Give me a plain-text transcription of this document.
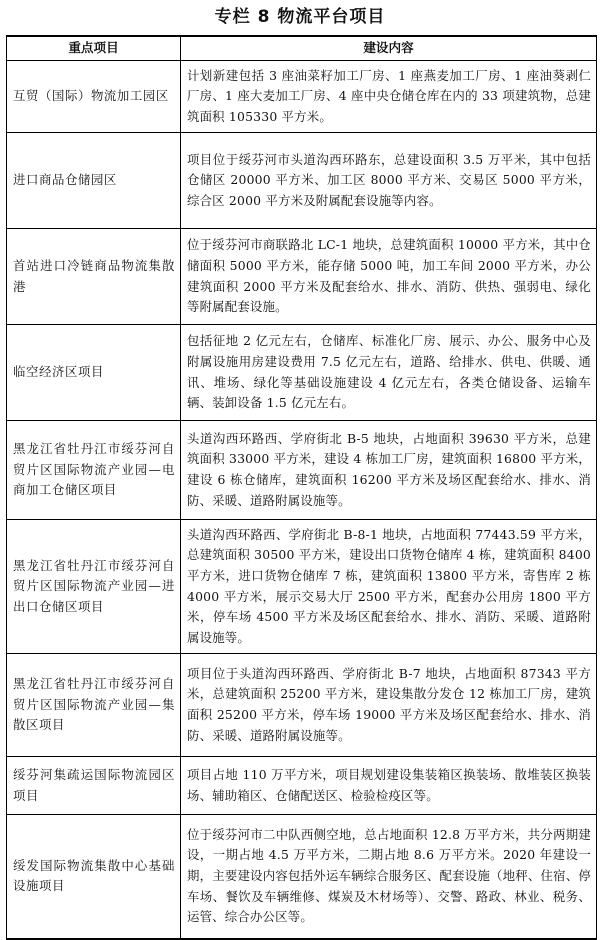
专栏 8 物流平台项目
重点项目	建设内容
互贸（国际）物流加工园区	计划新建包括 3 座油菜籽加工厂房、1 座燕麦加工厂房、1 座油葵剥仁厂房、1 座大麦加工厂房、4 座中央仓储仓库在内的 33 项建筑物，总建筑面积 105330 平方米。
进口商品仓储园区	项目位于绥芬河市头道沟西环路东，总建设面积 3.5 万平米，其中包括仓储区 20000 平方米、加工区 8000 平方米、交易区 5000 平方米，综合区 2000 平方米及附属配套设施等内容。
首站进口冷链商品物流集散港	位于绥芬河市商联路北 LC-1 地块，总建筑面积 10000 平方米，其中仓储面积 5000 平方米，能存储 5000 吨，加工车间 2000 平方米，办公建筑面积 2000 平方米及配套给水、排水、消防、供热、强弱电、绿化等附属配套设施。
临空经济区项目	包括征地 2 亿元左右，仓储库、标准化厂房、展示、办公、服务中心及附属设施用房建设费用 7.5 亿元左右，道路、给排水、供电、供暖、通讯、堆场、绿化等基础设施建设 4 亿元左右，各类仓储设备、运输车辆、装卸设备 1.5 亿元左右。
黑龙江省牡丹江市绥芬河自贸片区国际物流产业园—电商加工仓储区项目	头道沟西环路西、学府街北 B-5 地块，占地面积 39630 平方米，总建筑面积 33000 平方米，建设 4 栋加工厂房，建筑面积 16800 平方米，建设 6 栋仓储库，建筑面积 16200 平方米及场区配套给水、排水、消防、采暖、道路附属设施等。
黑龙江省牡丹江市绥芬河自贸片区国际物流产业园—进出口仓储区项目	头道沟西环路西、学府街北 B-8-1 地块，占地面积 77443.59 平方米，总建筑面积 30500 平方米，建设出口货物仓储库 4 栋，建筑面积 8400 平方米，进口货物仓储库 7 栋，建筑面积 13800 平方米，寄售库 2 栋 4000 平方米，展示交易大厅 2500 平方米，配套办公用房 1800 平方米，停车场 4500 平方米及场区配套给水、排水、消防、采暖、道路附属设施等。
黑龙江省牡丹江市绥芬河自贸片区国际物流产业园—集散区项目	项目位于头道沟西环路西、学府街北 B-7 地块，占地面积 87343 平方米，总建筑面积 25200 平方米，建设集散分发仓 12 栋加工厂房，建筑面积 25200 平方米，停车场 19000 平方米及场区配套给水、排水、消防、采暖、道路附属设施等。
绥芬河集疏运国际物流园区项目	项目占地 110 万平方米，项目规划建设集装箱区换装场、散堆装区换装场、辅助箱区、仓储配送区、检验检疫区等。
绥发国际物流集散中心基础设施项目	位于绥芬河市二中队西侧空地，总占地面积 12.8 万平方米，共分两期建设，一期占地 4.5 万平方米，二期占地 8.6 万平方米。2020 年建设一期，主要建设内容包括外运车辆综合服务区、配套设施（地秤、住宿、停车场、餐饮及车辆维修、煤炭及木材场等）、交警、路政、林业、税务、运管、综合办公区等。
